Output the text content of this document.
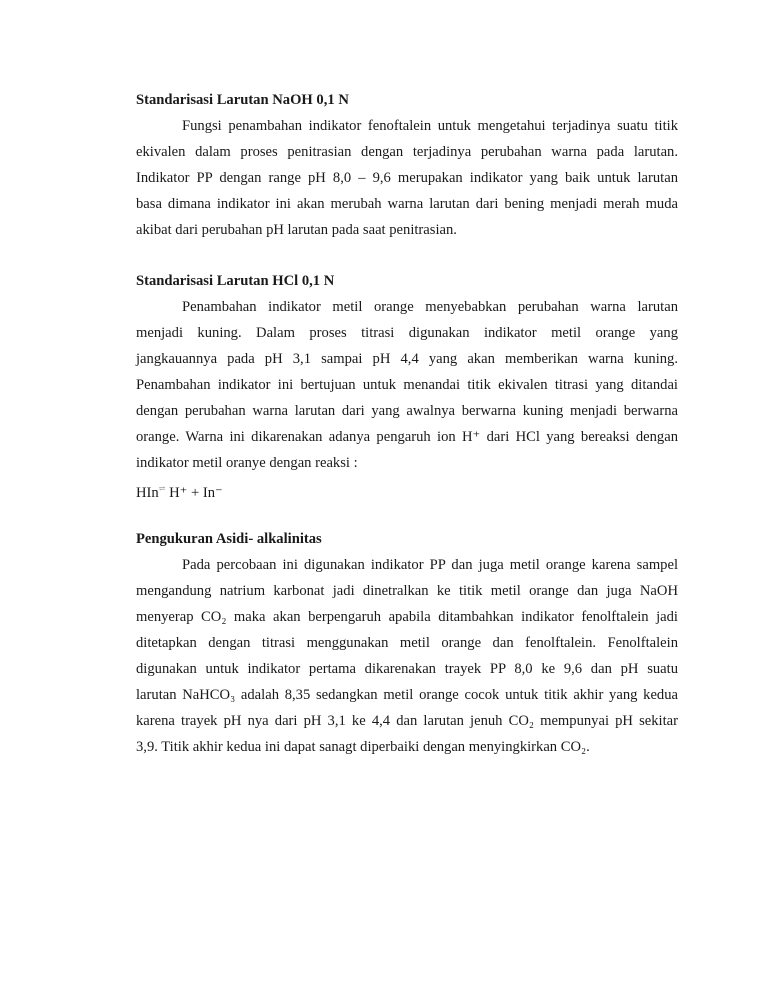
Standarisasi Larutan NaOH 0,1 N
Fungsi penambahan indikator fenoftalein untuk mengetahui terjadinya suatu titik
ekivalen dalam proses penitrasian dengan terjadinya perubahan warna pada larutan.
Indikator PP dengan range pH 8,0 – 9,6 merupakan indikator yang baik untuk larutan
basa dimana indikator ini akan merubah warna larutan dari bening menjadi merah muda
akibat dari perubahan pH larutan pada saat penitrasian.
Standarisasi Larutan HCl 0,1 N
Penambahan indikator metil orange menyebabkan perubahan warna larutan
menjadi kuning. Dalam proses titrasi digunakan indikator metil orange yang
jangkauannya pada pH 3,1 sampai pH 4,4 yang akan memberikan warna kuning.
Penambahan indikator ini bertujuan untuk menandai titik ekivalen titrasi yang ditandai
dengan perubahan warna larutan dari yang awalnya berwarna kuning menjadi berwarna
orange. Warna ini dikarenakan adanya pengaruh ion H⁺ dari HCl yang bereaksi dengan
indikator metil oranye dengan reaksi :
HIn⇌ H⁺ + In⁻
Pengukuran Asidi- alkalinitas
Pada percobaan ini digunakan indikator PP dan juga metil orange karena sampel
mengandung natrium karbonat jadi dinetralkan ke titik metil orange dan juga NaOH
menyerap CO₂ maka akan berpengaruh apabila ditambahkan indikator fenolftalein jadi
ditetapkan dengan titrasi menggunakan metil orange dan fenolftalein. Fenolftalein
digunakan untuk indikator pertama dikarenakan trayek PP 8,0 ke 9,6 dan pH suatu
larutan NaHCO₃ adalah 8,35 sedangkan metil orange cocok untuk titik akhir yang kedua
karena trayek pH nya dari pH 3,1 ke 4,4 dan larutan jenuh CO₂ mempunyai pH sekitar
3,9. Titik akhir kedua ini dapat sanagt diperbaiki dengan menyingkirkan CO₂.
